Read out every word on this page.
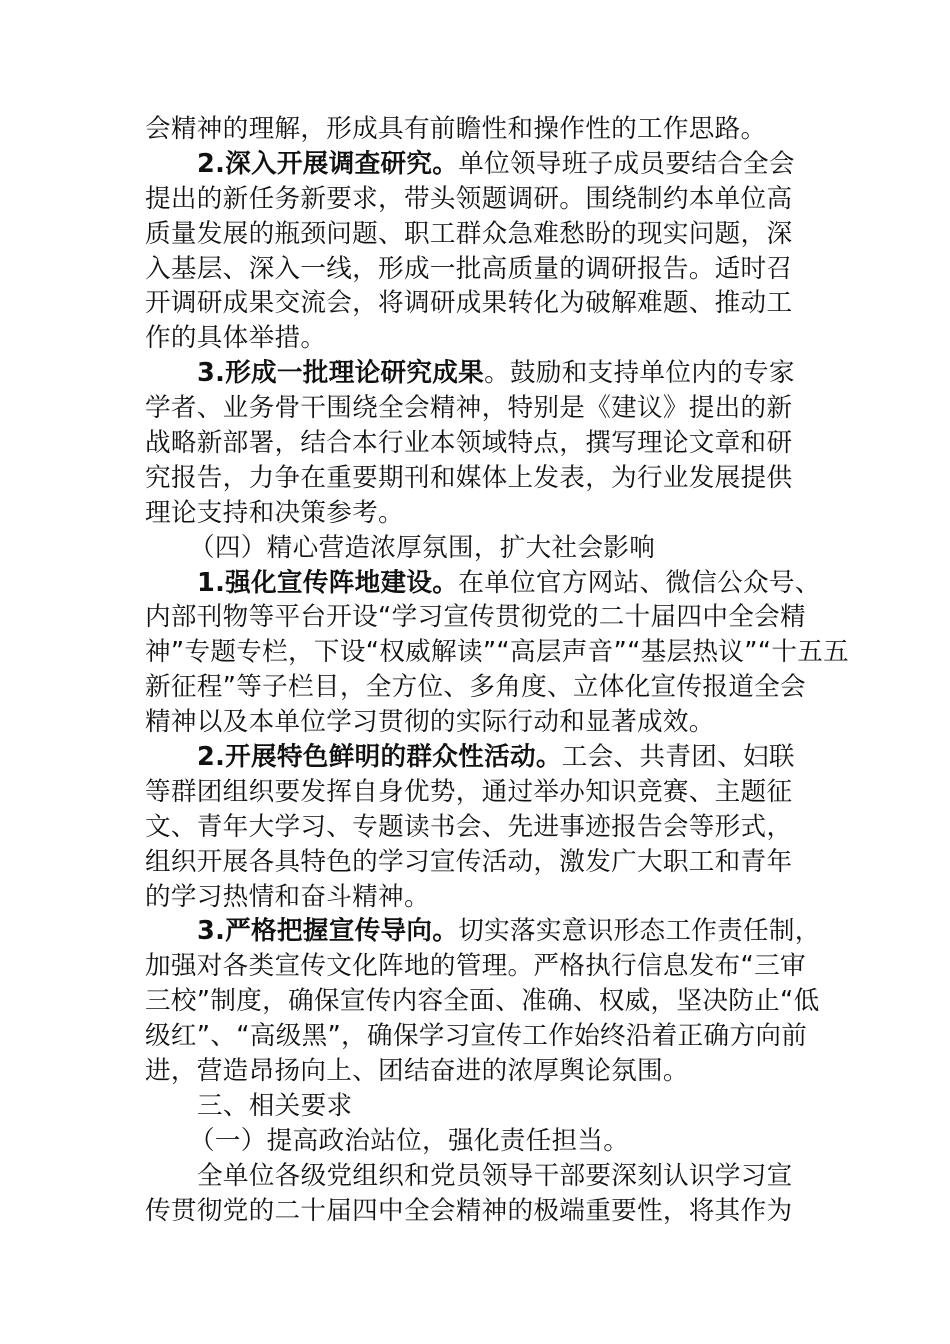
会精神的理解，形成具有前瞻性和操作性的工作思路。
2.深入开展调查研究。单位领导班子成员要结合全会
提出的新任务新要求，带头领题调研。围绕制约本单位高
质量发展的瓶颈问题、职工群众急难愁盼的现实问题，深
入基层、深入一线，形成一批高质量的调研报告。适时召
开调研成果交流会，将调研成果转化为破解难题、推动工
作的具体举措。
3.形成一批理论研究成果。鼓励和支持单位内的专家
学者、业务骨干围绕全会精神，特别是《建议》提出的新
战略新部署，结合本行业本领域特点，撰写理论文章和研
究报告，力争在重要期刊和媒体上发表，为行业发展提供
理论支持和决策参考。
（四）精心营造浓厚氛围，扩大社会影响
1.强化宣传阵地建设。在单位官方网站、微信公众号、
内部刊物等平台开设“学习宣传贯彻党的二十届四中全会精
神”专题专栏，下设“权威解读”“高层声音”“基层热议”“十五五
新征程”等子栏目，全方位、多角度、立体化宣传报道全会
精神以及本单位学习贯彻的实际行动和显著成效。
2.开展特色鲜明的群众性活动。工会、共青团、妇联
等群团组织要发挥自身优势，通过举办知识竞赛、主题征
文、青年大学习、专题读书会、先进事迹报告会等形式，
组织开展各具特色的学习宣传活动，激发广大职工和青年
的学习热情和奋斗精神。
3.严格把握宣传导向。切实落实意识形态工作责任制，
加强对各类宣传文化阵地的管理。严格执行信息发布“三审
三校”制度，确保宣传内容全面、准确、权威，坚决防止“低
级红”、“高级黑”，确保学习宣传工作始终沿着正确方向前
进，营造昂扬向上、团结奋进的浓厚舆论氛围。
三、相关要求
（一）提高政治站位，强化责任担当。
全单位各级党组织和党员领导干部要深刻认识学习宣
传贯彻党的二十届四中全会精神的极端重要性，将其作为
